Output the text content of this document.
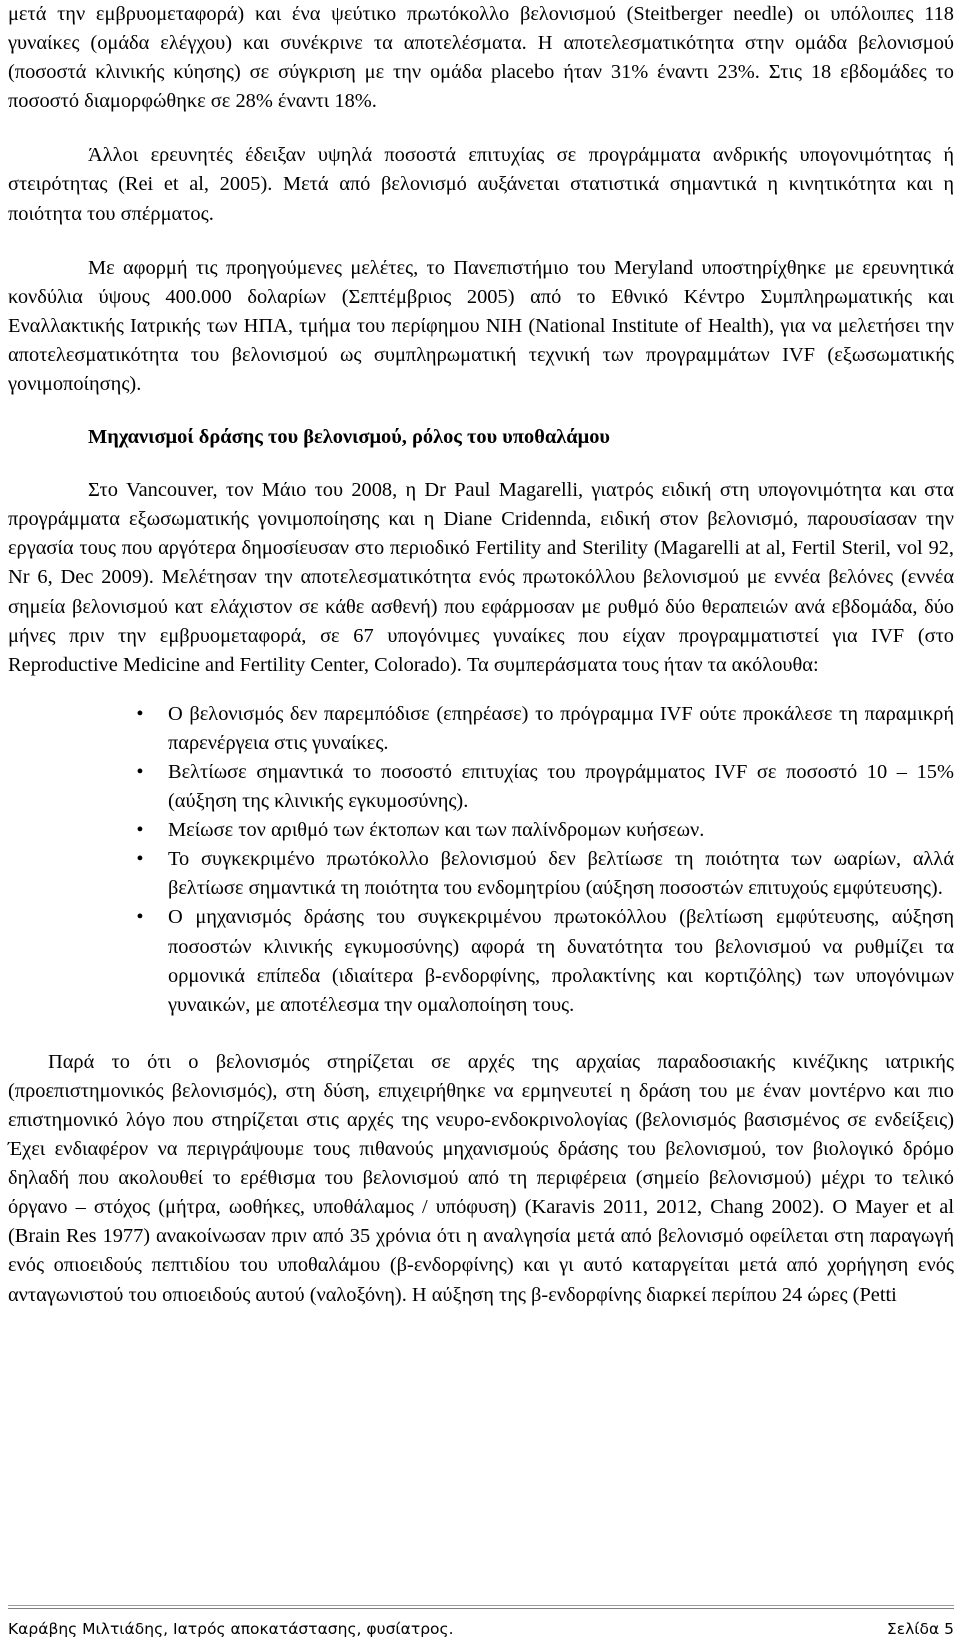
μετά την εμβρυομεταφορά) και ένα ψεύτικο πρωτόκολλο βελονισμού (Steitberger needle) οι υπόλοιπες 118 γυναίκες (ομάδα ελέγχου) και συνέκρινε τα αποτελέσματα. Η αποτελεσματικότητα στην ομάδα βελονισμού (ποσοστά κλινικής κύησης) σε σύγκριση με την ομάδα placebo ήταν 31% έναντι 23%. Στις 18 εβδομάδες το ποσοστό διαμορφώθηκε σε 28% έναντι 18%.

Άλλοι ερευνητές έδειξαν υψηλά ποσοστά επιτυχίας σε προγράμματα ανδρικής υπογονιμότητας ή στειρότητας (Rei et al, 2005). Μετά από βελονισμό αυξάνεται στατιστικά σημαντικά η κινητικότητα και η ποιότητα του σπέρματος.

Με αφορμή τις προηγούμενες μελέτες, το Πανεπιστήμιο του Meryland υποστηρίχθηκε με ερευνητικά κονδύλια ύψους 400.000 δολαρίων (Σεπτέμβριος 2005) από το Εθνικό Κέντρο Συμπληρωματικής και Εναλλακτικής Ιατρικής των ΗΠΑ, τμήμα του περίφημου NIH (National Institute of Health), για να μελετήσει την αποτελεσματικότητα του βελονισμού ως συμπληρωματική τεχνική των προγραμμάτων IVF (εξωσωματικής γονιμοποίησης).

Μηχανισμοί δράσης του βελονισμού, ρόλος του υποθαλάμου

Στο Vancouver, τον Μάιο του 2008, η Dr Paul Magarelli, γιατρός ειδική στη υπογονιμότητα και στα προγράμματα εξωσωματικής γονιμοποίησης και η Diane Cridennda, ειδική στον βελονισμό, παρουσίασαν την εργασία τους που αργότερα δημοσίευσαν στο περιοδικό Fertility and Sterility (Magarelli at al, Fertil Steril, vol 92, Nr 6, Dec 2009). Μελέτησαν την αποτελεσματικότητα ενός πρωτοκόλλου βελονισμού με εννέα βελόνες (εννέα σημεία βελονισμού κατ ελάχιστον σε κάθε ασθενή) που εφάρμοσαν με ρυθμό δύο θεραπειών ανά εβδομάδα, δύο μήνες πριν την εμβρυομεταφορά, σε 67 υπογόνιμες γυναίκες που είχαν προγραμματιστεί για IVF (στο Reproductive Medicine and Fertility Center, Colorado). Τα συμπεράσματα τους ήταν τα ακόλουθα:

•	Ο βελονισμός δεν παρεμπόδισε (επηρέασε) το πρόγραμμα IVF ούτε προκάλεσε τη παραμικρή παρενέργεια στις γυναίκες.
•	Βελτίωσε σημαντικά το ποσοστό επιτυχίας του προγράμματος IVF σε ποσοστό 10 – 15% (αύξηση της κλινικής εγκυμοσύνης).
•	Μείωσε τον αριθμό των έκτοπων και των παλίνδρομων κυήσεων.
•	Το συγκεκριμένο πρωτόκολλο βελονισμού δεν βελτίωσε τη ποιότητα των ωαρίων, αλλά βελτίωσε σημαντικά τη ποιότητα του ενδομητρίου (αύξηση ποσοστών επιτυχούς εμφύτευσης).
•	Ο μηχανισμός δράσης του συγκεκριμένου πρωτοκόλλου (βελτίωση εμφύτευσης, αύξηση ποσοστών κλινικής εγκυμοσύνης) αφορά τη δυνατότητα του βελονισμού να ρυθμίζει τα ορμονικά επίπεδα (ιδιαίτερα β-ενδορφίνης, προλακτίνης και κορτιζόλης) των υπογόνιμων γυναικών, με αποτέλεσμα την ομαλοποίηση τους.

Παρά το ότι ο βελονισμός στηρίζεται σε αρχές της αρχαίας παραδοσιακής κινέζικης ιατρικής (προεπιστημονικός βελονισμός), στη δύση, επιχειρήθηκε να ερμηνευτεί η δράση του με έναν μοντέρνο και πιο επιστημονικό λόγο που στηρίζεται στις αρχές της νευρο-ενδοκρινολογίας (βελονισμός βασισμένος σε ενδείξεις) Έχει ενδιαφέρον να περιγράψουμε τους πιθανούς μηχανισμούς δράσης του βελονισμού, τον βιολογικό δρόμο δηλαδή που ακολουθεί το ερέθισμα του βελονισμού από τη περιφέρεια (σημείο βελονισμού) μέχρι το τελικό όργανο – στόχος (μήτρα, ωοθήκες, υποθάλαμος / υπόφυση) (Karavis 2011, 2012, Chang 2002). Ο Mayer et al (Brain Res 1977) ανακοίνωσαν πριν από 35 χρόνια ότι η αναλγησία μετά από βελονισμό οφείλεται στη παραγωγή ενός οπιοειδούς πεπτιδίου του υποθαλάμου (β-ενδορφίνης) και γι αυτό καταργείται μετά από χορήγηση ενός ανταγωνιστού του οπιοειδούς αυτού (ναλοξόνη). Η αύξηση της β-ενδορφίνης διαρκεί περίπου 24 ώρες (Petti

Καράβης Μιλτιάδης, Ιατρός αποκατάστασης, φυσίατρος.	Σελίδα 5
